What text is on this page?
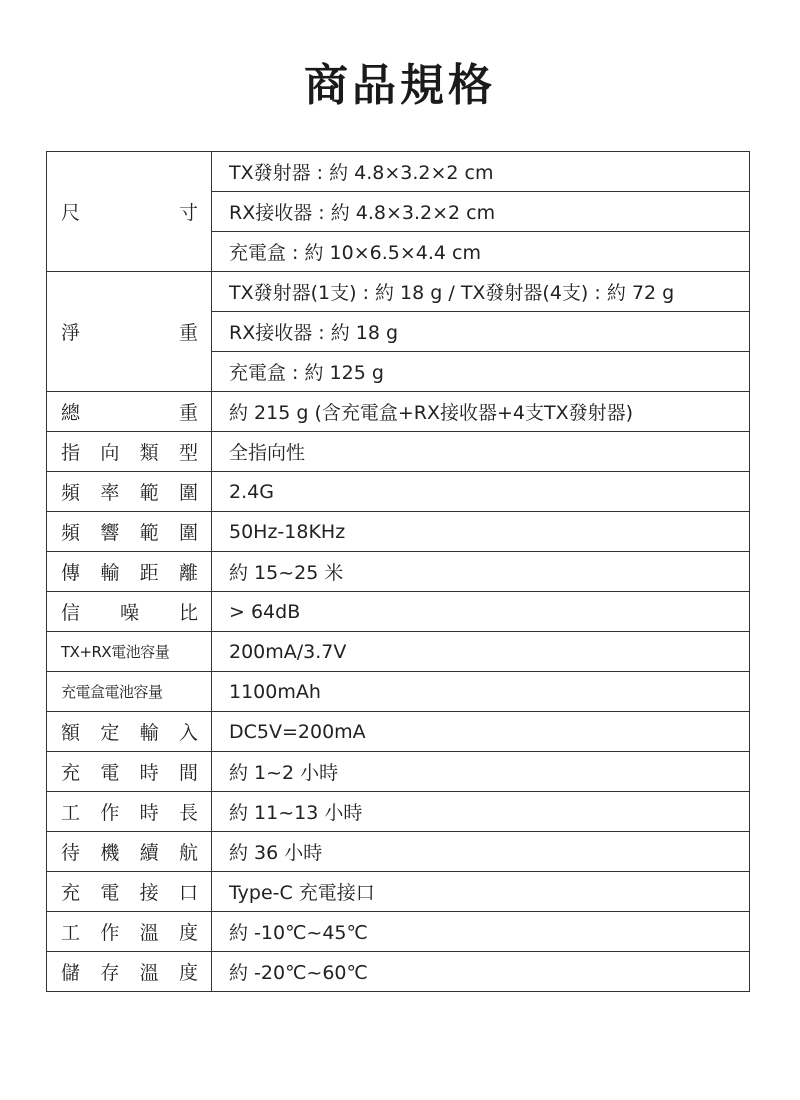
商品規格
尺 寸	TX發射器 : 約 4.8×3.2×2 cm
	RX接收器 : 約 4.8×3.2×2 cm
	充電盒 : 約 10×6.5×4.4 cm

淨 重	TX發射器(1支) : 約 18 g / TX發射器(4支) : 約 72 g
	RX接收器 : 約 18 g
	充電盒 : 約 125 g

總 重	約 215 g (含充電盒+RX接收器+4支TX發射器)

指 向 類 型	全指向性

頻 率 範 圍	2.4G

頻 響 範 圍	50Hz-18KHz

傳 輸 距 離	約 15~25 米

信 噪 比	> 64dB

TX+RX電池容量	200mA/3.7V

充電盒電池容量	1100mAh

額 定 輸 入	DC5V=200mA

充 電 時 間	約 1~2 小時

工 作 時 長	約 11~13 小時

待 機 續 航	約 36 小時

充 電 接 口	Type-C 充電接口

工 作 溫 度	約 -10℃~45℃

儲 存 溫 度	約 -20℃~60℃
